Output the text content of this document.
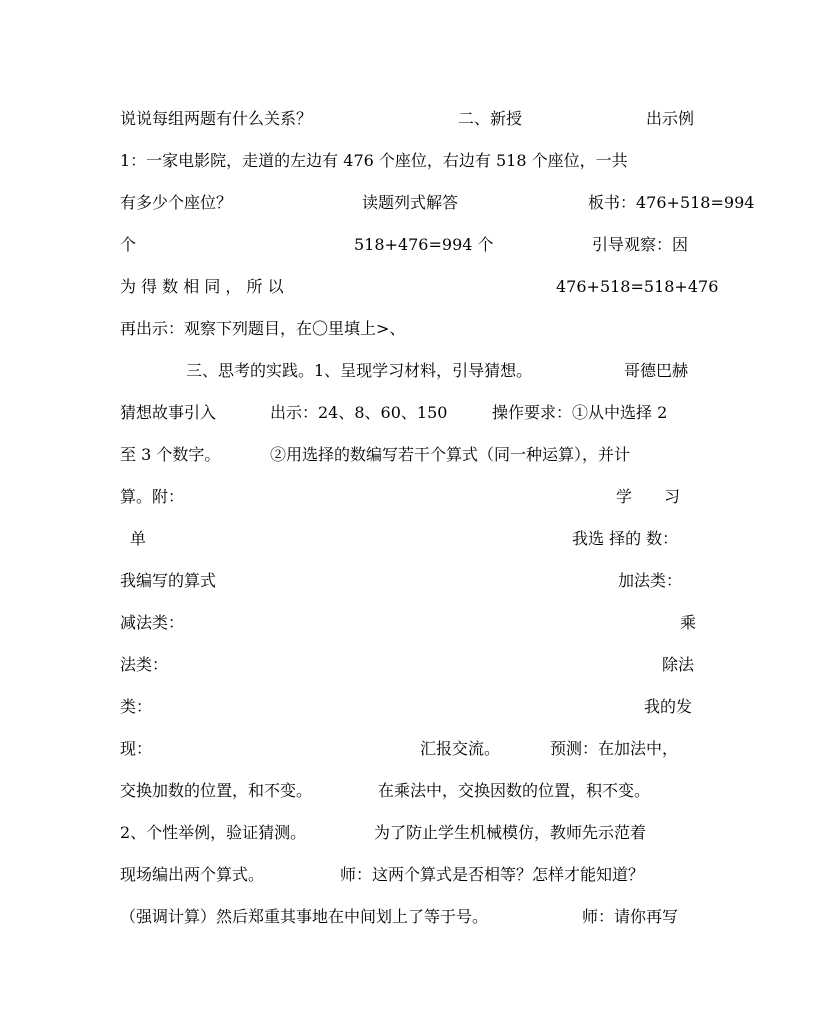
说说每组两题有什么关系？	二、新授	出示例
1：一家电影院，走道的左边有 476 个座位，右边有 518 个座位，一共
有多少个座位？	读题列式解答	板书：476+518=994
个	518+476=994 个	引导观察：因
为 得 数 相 同 ， 所 以	476+518=518+476
再出示：观察下列题目，在〇里填上>、
三、思考的实践。1、呈现学习材料，引导猜想。	哥德巴赫
猜想故事引入	出示：24、8、60、150	操作要求：①从中选择 2
至 3 个数字。	②用选择的数编写若干个算式（同一种运算），并计
算。附：	学 习
单	我选 择的 数：
我编写的算式	加法类：
减法类：	乘
法类：	除法
类：	我的发
现：	汇报交流。	预测：在加法中，
交换加数的位置，和不变。	在乘法中，交换因数的位置，积不变。
2、个性举例，验证猜测。	为了防止学生机械模仿，教师先示范着
现场编出两个算式。	师：这两个算式是否相等？怎样才能知道？
（强调计算）然后郑重其事地在中间划上了等于号。	师：请你再写
